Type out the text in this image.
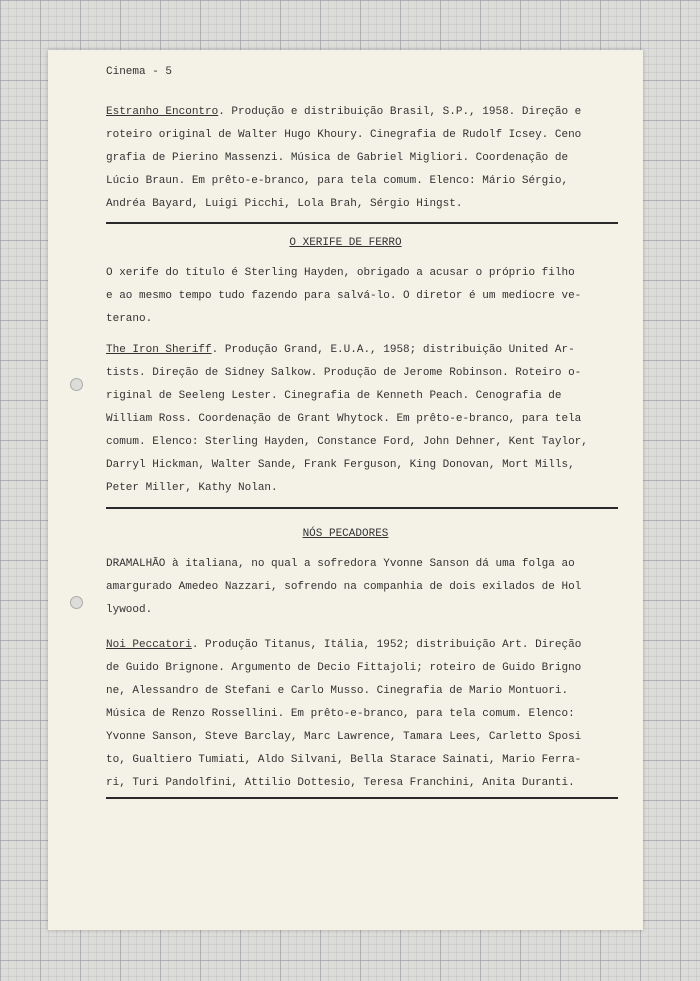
Cinema - 5
Estranho Encontro. Produção e distribuição Brasil, S.P., 1958. Direção e
roteiro original de Walter Hugo Khoury. Cinegrafia de Rudolf Icsey. Ceno
grafia de Pierino Massenzi. Música de Gabriel Migliori. Coordenação de
Lúcio Braun. Em prêto-e-branco, para tela comum. Elenco: Mário Sérgio,
Andréa Bayard, Luigi Picchi, Lola Brah, Sérgio Hingst.
O XERIFE DE FERRO
O xerife do título é Sterling Hayden, obrigado a acusar o próprio filho
e ao mesmo tempo tudo fazendo para salvá-lo. O diretor é um medíocre ve-
terano.
The Iron Sheriff. Produção Grand, E.U.A., 1958; distribuição United Ar-
tists. Direção de Sidney Salkow. Produção de Jerome Robinson. Roteiro o-
riginal de Seeleng Lester. Cinegrafia de Kenneth Peach. Cenografia de
William Ross. Coordenação de Grant Whytock. Em prêto-e-branco, para tela
comum. Elenco: Sterling Hayden, Constance Ford, John Dehner, Kent Taylor,
Darryl Hickman, Walter Sande, Frank Ferguson, King Donovan, Mort Mills,
Peter Miller, Kathy Nolan.
NÓS PECADORES
DRAMALHÃO à italiana, no qual a sofredora Yvonne Sanson dá uma folga ao
amargurado Amedeo Nazzari, sofrendo na companhia de dois exilados de Hol
lywood.
Noi Peccatori. Produção Titanus, Itália, 1952; distribuição Art. Direção
de Guido Brignone. Argumento de Decio Fittajoli; roteiro de Guido Brigno
ne, Alessandro de Stefani e Carlo Musso. Cinegrafia de Mario Montuori.
Música de Renzo Rossellini. Em prêto-e-branco, para tela comum. Elenco:
Yvonne Sanson, Steve Barclay, Marc Lawrence, Tamara Lees, Carletto Sposi
to, Gualtiero Tumiati, Aldo Silvani, Bella Starace Sainati, Mario Ferra-
ri, Turi Pandolfini, Attilio Dottesio, Teresa Franchini, Anita Duranti.
